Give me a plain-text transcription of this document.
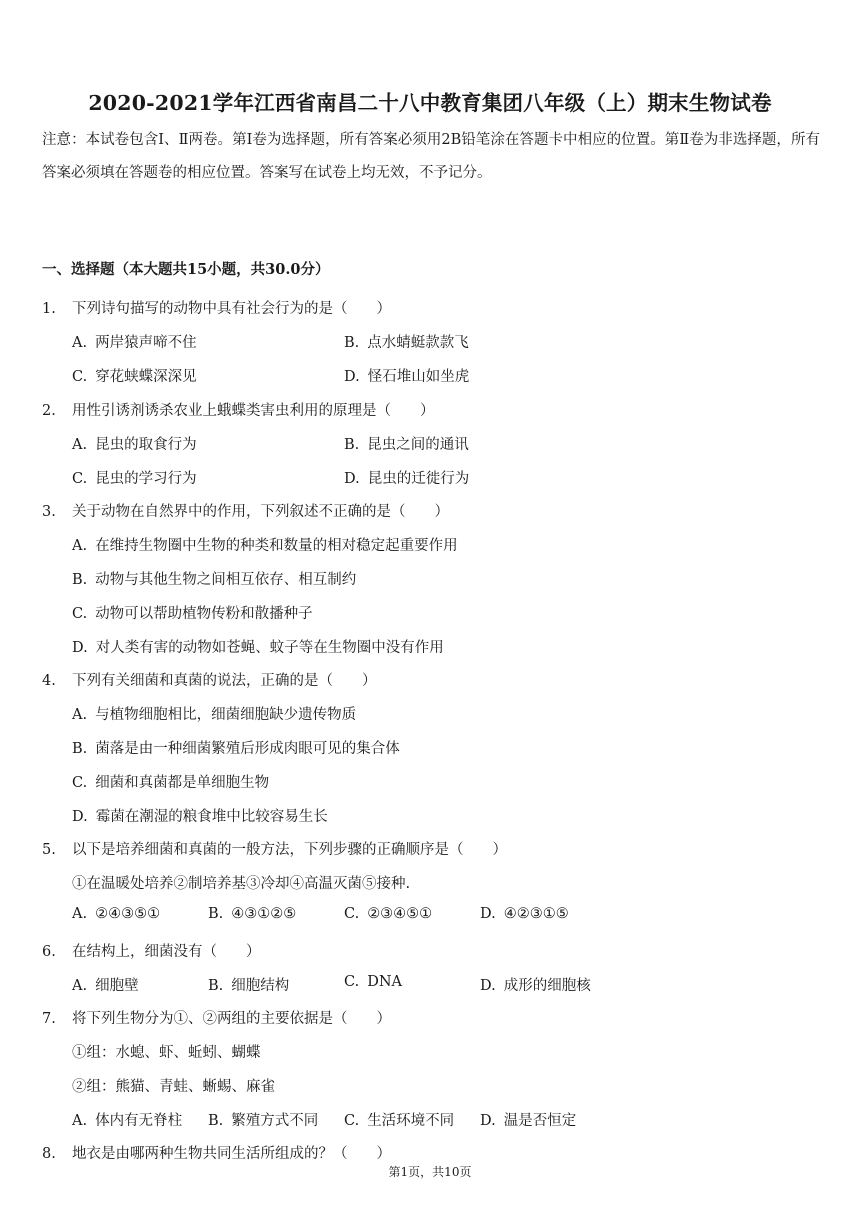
2020-2021学年江西省南昌二十八中教育集团八年级（上）期末生物试卷
注意：本试卷包含Ⅰ、Ⅱ两卷。第Ⅰ卷为选择题，所有答案必须用2B铅笔涂在答题卡中相应的位置。第Ⅱ卷为非选择题，所有答案必须填在答题卷的相应位置。答案写在试卷上均无效，不予记分。
一、选择题（本大题共15小题，共30.0分）
1. 下列诗句描写的动物中具有社会行为的是（　　）
A. 两岸猿声啼不住	B. 点水蜻蜓款款飞
C. 穿花蛱蝶深深见	D. 怪石堆山如坐虎
2. 用性引诱剂诱杀农业上蛾蝶类害虫利用的原理是（　　）
A. 昆虫的取食行为	B. 昆虫之间的通讯
C. 昆虫的学习行为	D. 昆虫的迁徙行为
3. 关于动物在自然界中的作用，下列叙述不正确的是（　　）
A. 在维持生物圈中生物的种类和数量的相对稳定起重要作用
B. 动物与其他生物之间相互依存、相互制约
C. 动物可以帮助植物传粉和散播种子
D. 对人类有害的动物如苍蝇、蚊子等在生物圈中没有作用
4. 下列有关细菌和真菌的说法，正确的是（　　）
A. 与植物细胞相比，细菌细胞缺少遗传物质
B. 菌落是由一种细菌繁殖后形成肉眼可见的集合体
C. 细菌和真菌都是单细胞生物
D. 霉菌在潮湿的粮食堆中比较容易生长
5. 以下是培养细菌和真菌的一般方法，下列步骤的正确顺序是（　　）
①在温暖处培养②制培养基③冷却④高温灭菌⑤接种.
A. ②④③⑤①	B. ④③①②⑤	C. ②③④⑤①	D. ④②③①⑤
6. 在结构上，细菌没有（　　）
A. 细胞壁	B. 细胞结构	C. DNA	D. 成形的细胞核
7. 将下列生物分为①、②两组的主要依据是（　　）
①组：水螅、虾、蚯蚓、蝴蝶
②组：熊猫、青蛙、蜥蜴、麻雀
A. 体内有无脊柱 B. 繁殖方式不同 C. 生活环境不同 D. 温是否恒定
8. 地衣是由哪两种生物共同生活所组成的？（　　）
第1页，共10页
